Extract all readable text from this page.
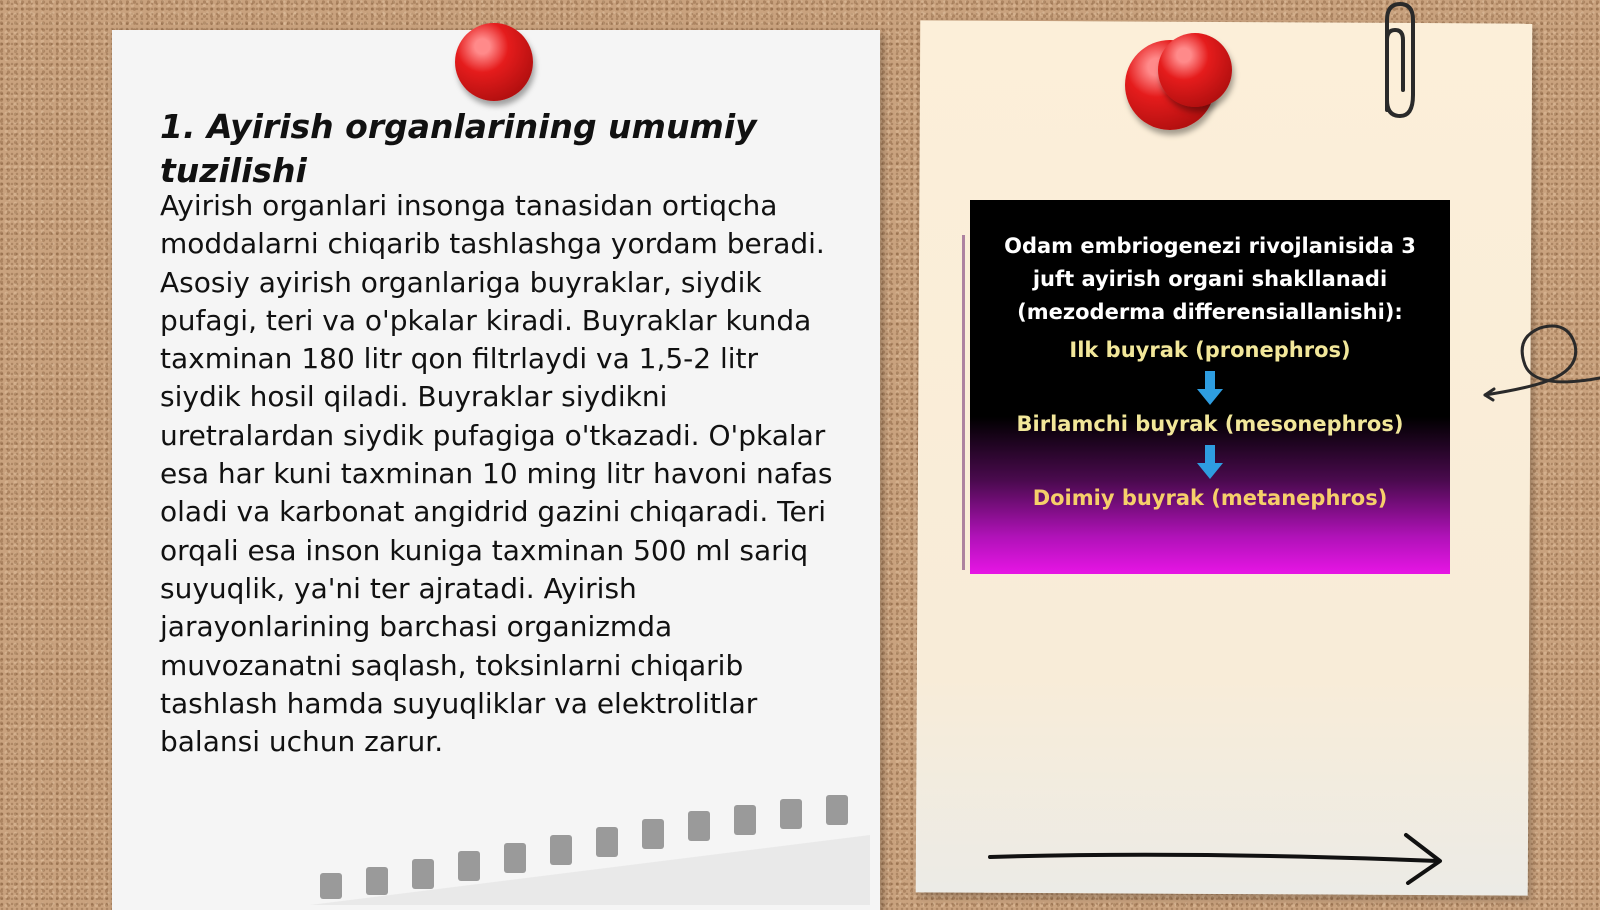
1. Ayirish organlarining umumiy tuzilishi

Ayirish organlari insonga tanasidan ortiqcha moddalarni chiqarib tashlashga yordam beradi. Asosiy ayirish organlariga buyraklar, siydik pufagi, teri va o'pkalar kiradi. Buyraklar kunda taxminan 180 litr qon filtrlaydi va 1,5-2 litr siydik hosil qiladi. Buyraklar siydikni uretralardan siydik pufagiga o'tkazadi. O'pkalar esa har kuni taxminan 10 ming litr havoni nafas oladi va karbonat angidrid gazini chiqaradi. Teri orqali esa inson kuniga taxminan 500 ml sariq suyuqlik, ya'ni ter ajratadi. Ayirish jarayonlarining barchasi organizmda muvozanatni saqlash, toksinlarni chiqarib tashlash hamda suyuqliklar va elektrolitlar balansi uchun zarur.

Odam embriogenezi rivojlanisida 3 juft ayirish organi shakllanadi (mezoderma differensiallanishi):
Ilk buyrak (pronephros)
Birlamchi buyrak (mesonephros)
Doimiy buyrak (metanephros)
